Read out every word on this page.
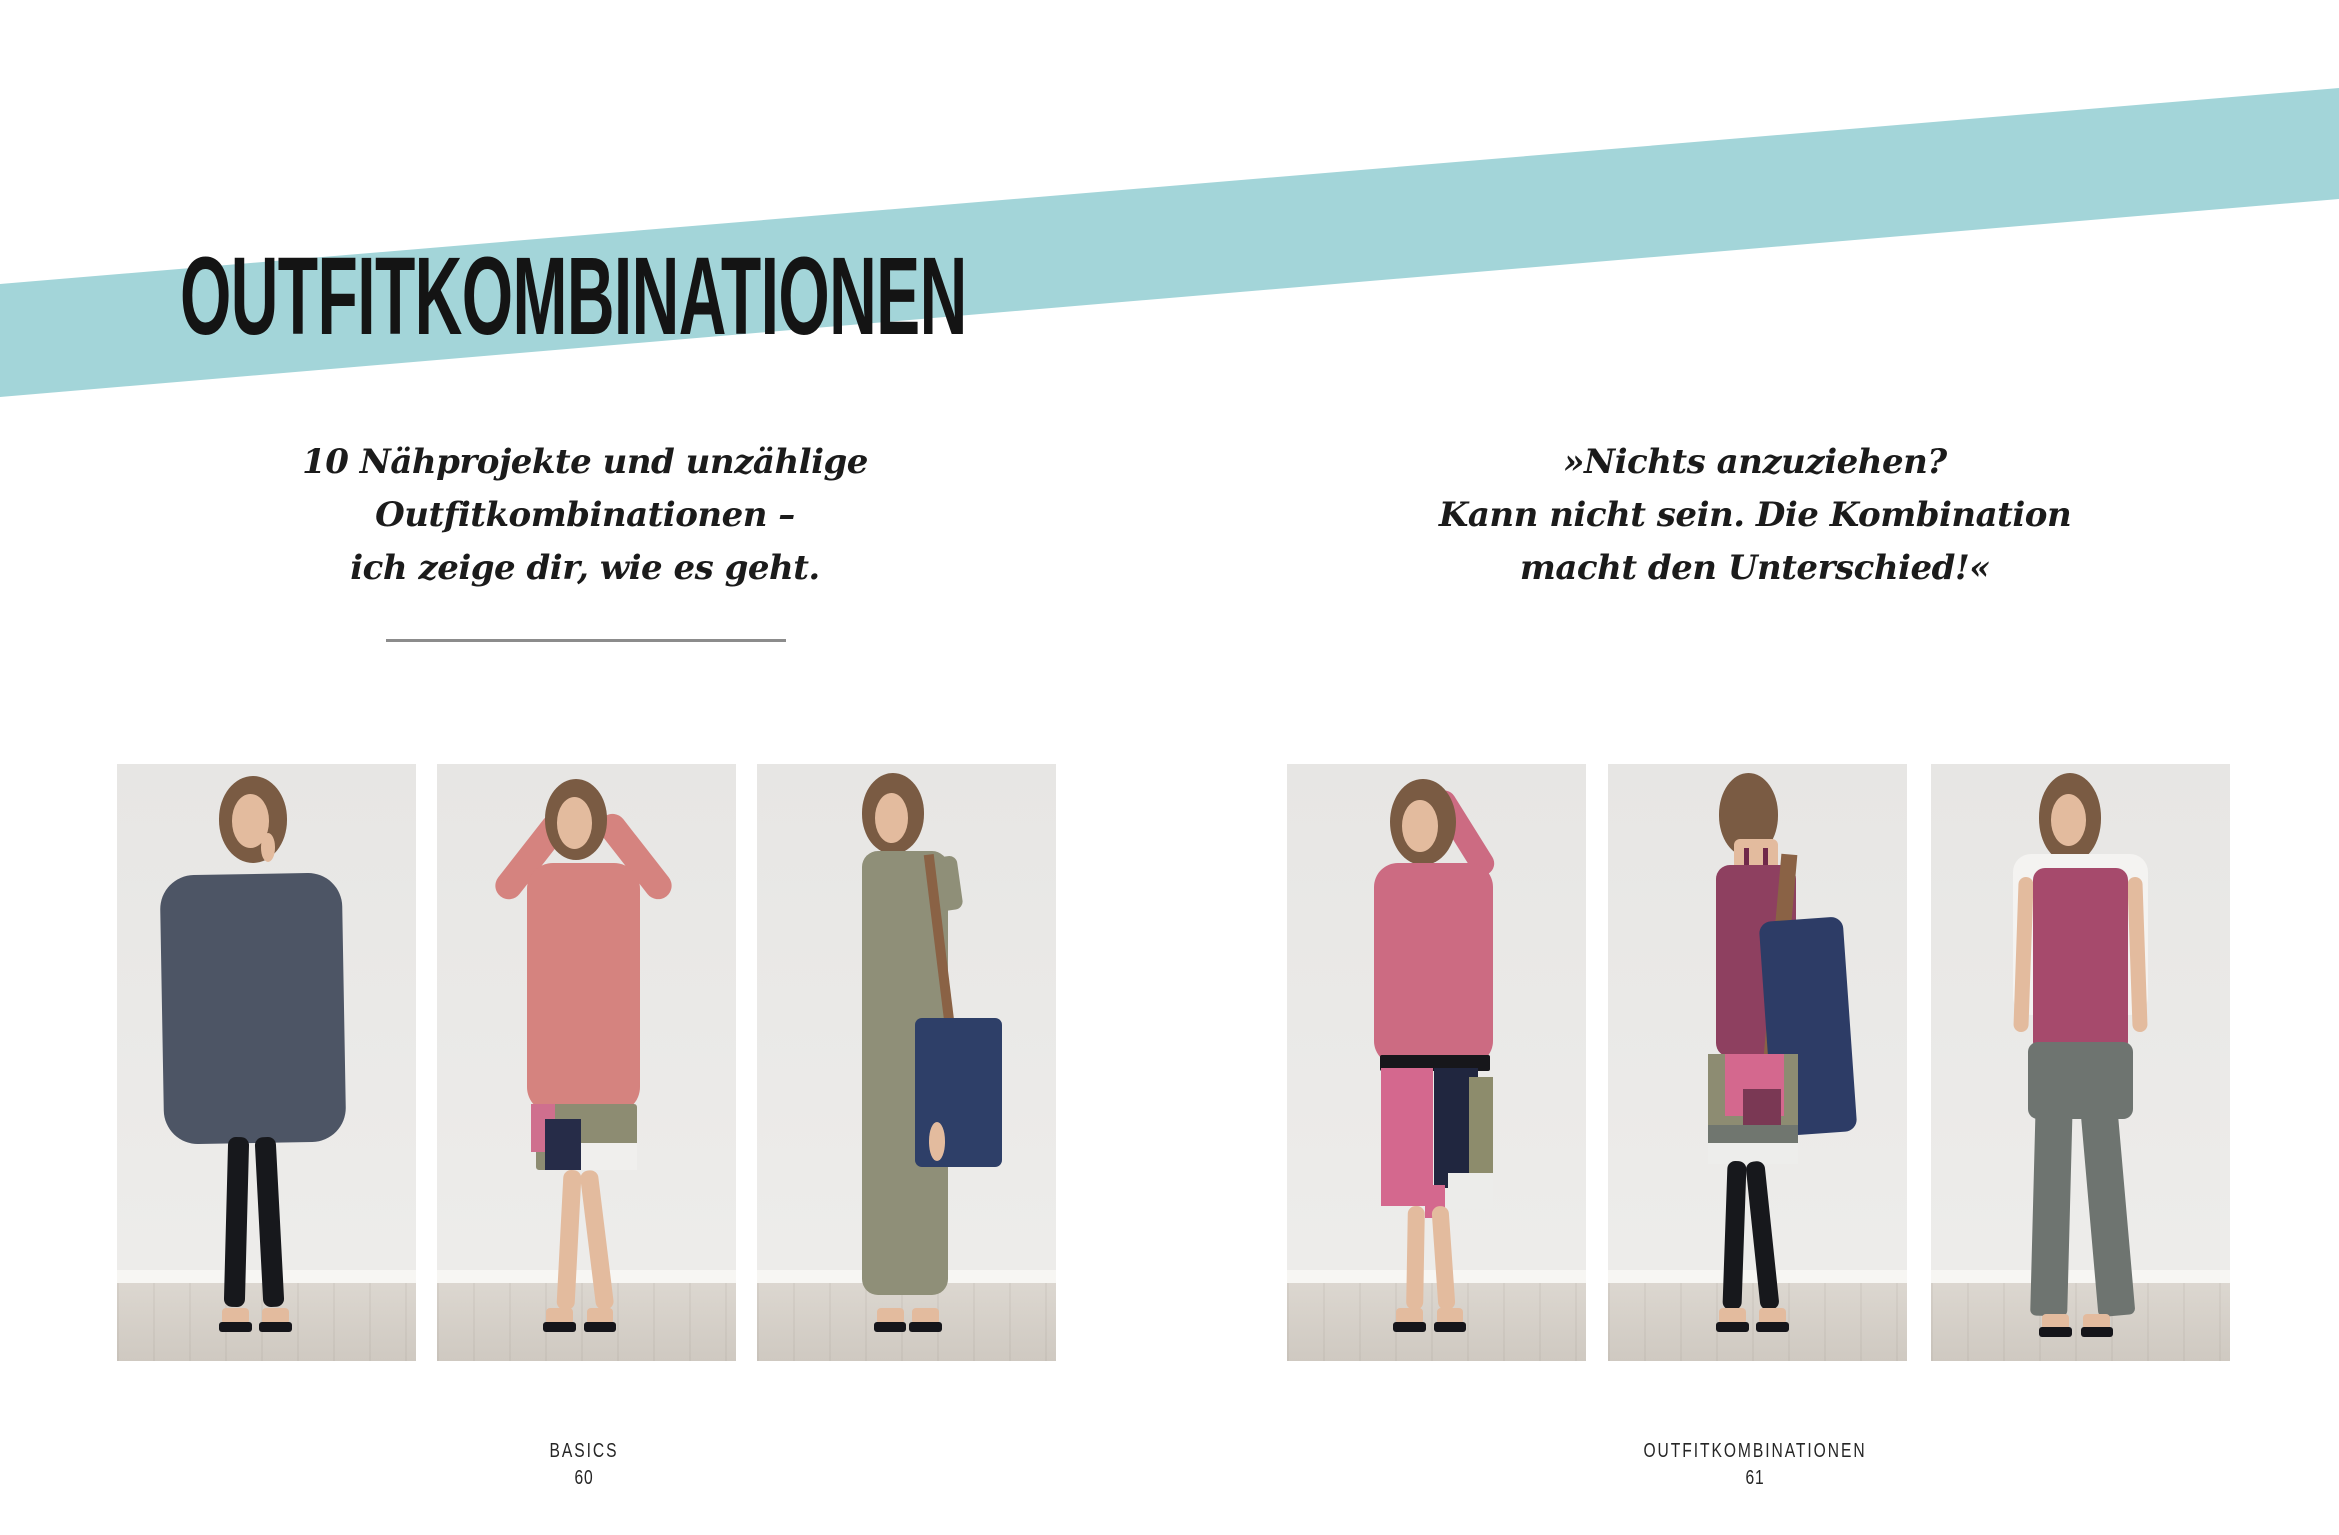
OUTFITKOMBINATIONEN
10 Nähprojekte und unzählige
Outfitkombinationen –
ich zeige dir, wie es geht.
»Nichts anzuziehen?
Kann nicht sein. Die Kombination
macht den Unterschied!«
BASICS
60
OUTFITKOMBINATIONEN
61
